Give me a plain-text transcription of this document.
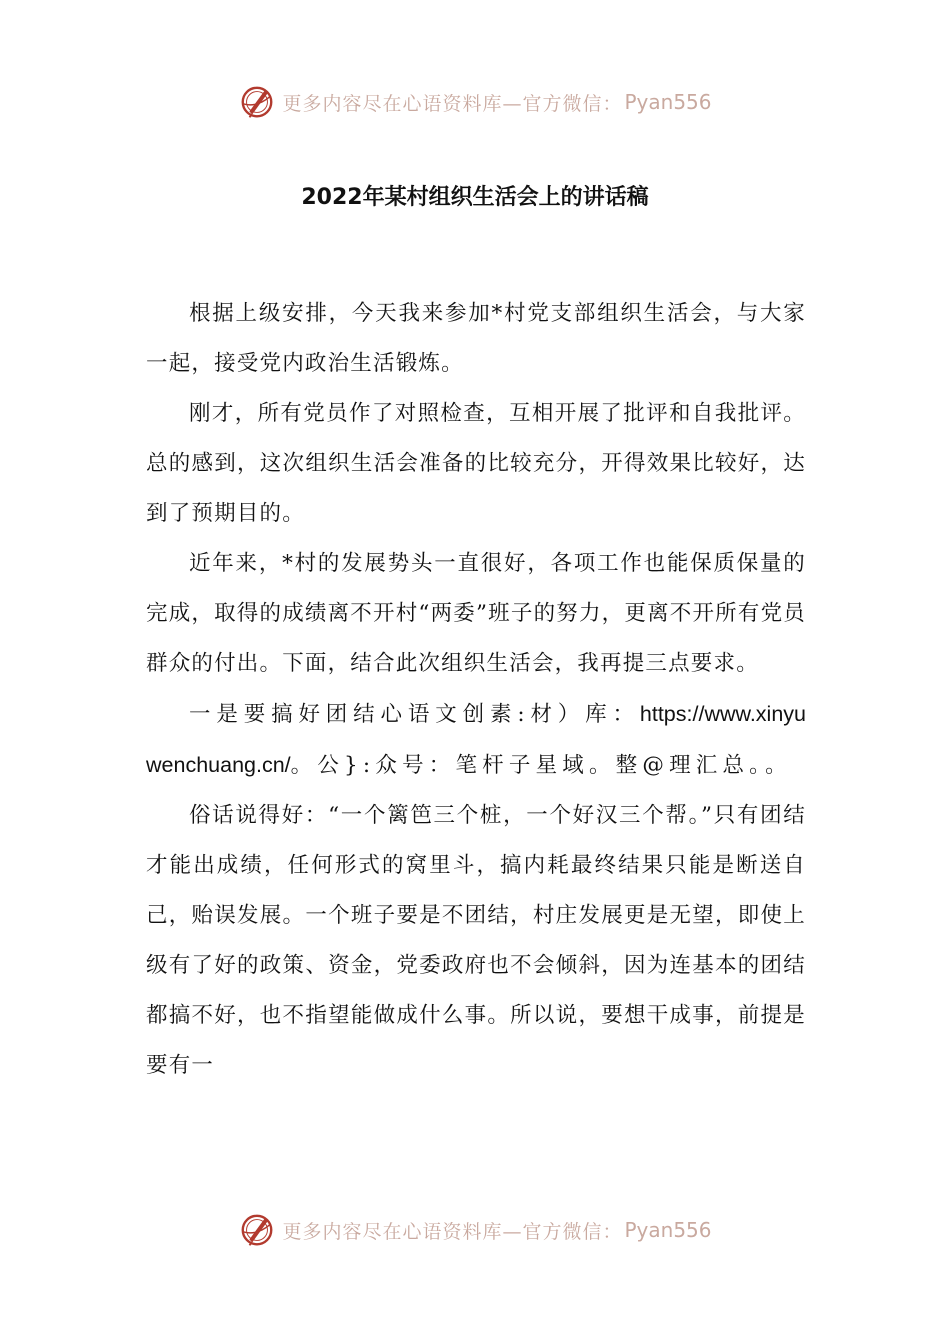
更多内容尽在心语资料库—官方微信： Pyan556
2022年某村组织生活会上的讲话稿

根据上级安排，今天我来参加*村党支部组织生活会，与大家一起，接受党内政治生活锻炼。

刚才，所有党员作了对照检查，互相开展了批评和自我批评。总的感到，这次组织生活会准备的比较充分，开得效果比较好，达到了预期目的。

近年来，*村的发展势头一直很好，各项工作也能保质保量的完成，取得的成绩离不开村“两委”班子的努力，更离不开所有党员群众的付出。下面，结合此次组织生活会，我再提三点要求。

一是要搞好团结心语文创素:材）库：https://www.xinyuwenchuang.cn/。公}:众号：笔杆子星域。整@理汇总。。

俗话说得好：“一个篱笆三个桩，一个好汉三个帮。”只有团结才能出成绩，任何形式的窝里斗，搞内耗最终结果只能是断送自己，贻误发展。一个班子要是不团结，村庄发展更是无望，即使上级有了好的政策、资金，党委政府也不会倾斜，因为连基本的团结都搞不好，也不指望能做成什么事。所以说，要想干成事，前提是要有一

更多内容尽在心语资料库—官方微信： Pyan556
